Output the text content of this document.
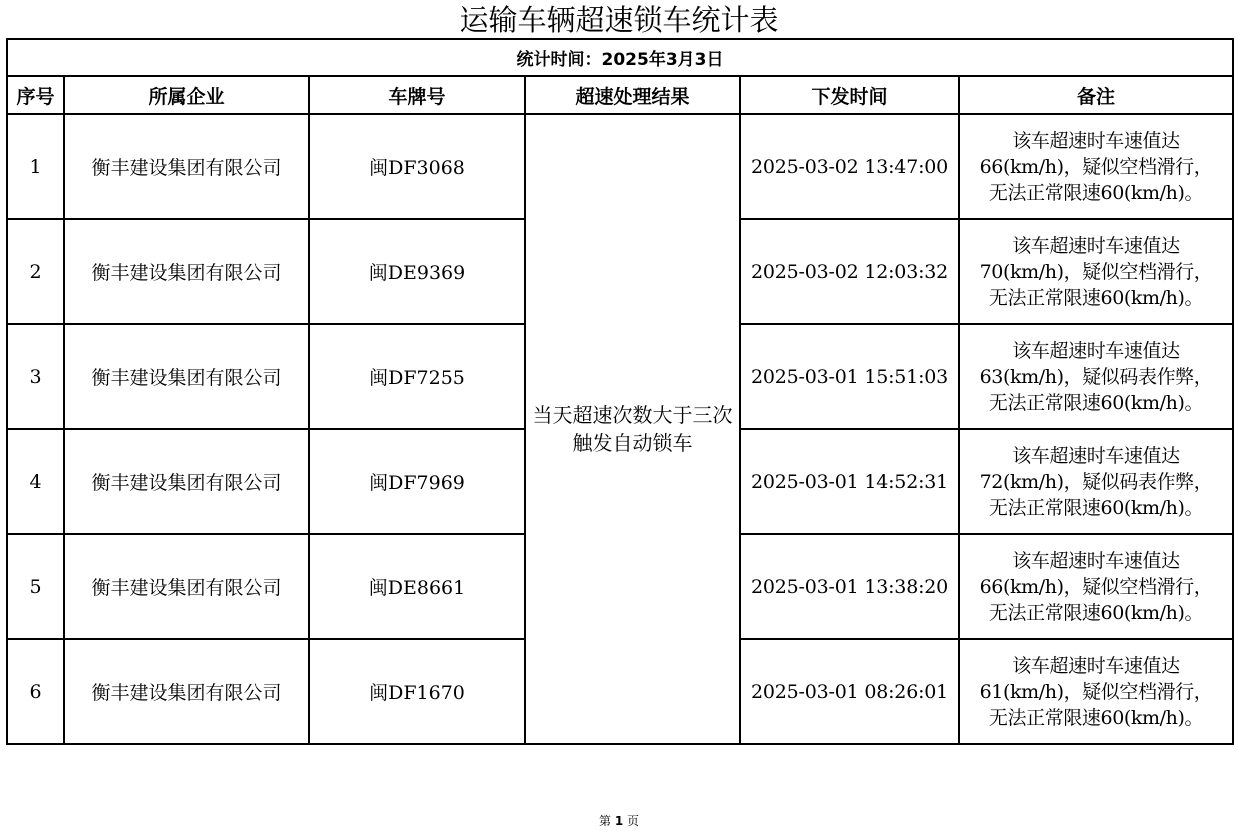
运输车辆超速锁车统计表
统计时间：2025年3月3日					
序号	所属企业	车牌号	超速处理结果	下发时间	备注
1	衡丰建设集团有限公司	闽DF3068	当天超速次数大于三次触发自动锁车	2025-03-02 13:47:00	该车超速时车速值达
66(km/h)，疑似空档滑行，
无法正常限速60(km/h)。
2	衡丰建设集团有限公司	闽DE9369		2025-03-02 12:03:32	该车超速时车速值达
70(km/h)，疑似空档滑行，
无法正常限速60(km/h)。
3	衡丰建设集团有限公司	闽DF7255		2025-03-01 15:51:03	该车超速时车速值达
63(km/h)，疑似码表作弊，
无法正常限速60(km/h)。
4	衡丰建设集团有限公司	闽DF7969		2025-03-01 14:52:31	该车超速时车速值达
72(km/h)，疑似码表作弊，
无法正常限速60(km/h)。
5	衡丰建设集团有限公司	闽DE8661		2025-03-01 13:38:20	该车超速时车速值达
66(km/h)，疑似空档滑行，
无法正常限速60(km/h)。
6	衡丰建设集团有限公司	闽DF1670		2025-03-01 08:26:01	该车超速时车速值达
61(km/h)，疑似空档滑行，
无法正常限速60(km/h)。
第 1 页
